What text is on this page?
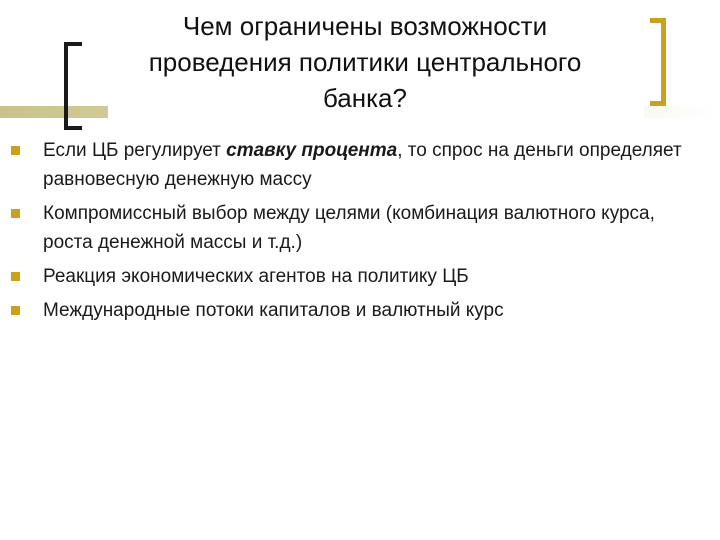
Чем ограничены возможности
проведения политики центрального
банка?
Если ЦБ регулирует ставку процента, то спрос на деньги определяет равновесную денежную массу
Компромиссный выбор между целями (комбинация валютного курса, роста денежной массы и т.д.)
Реакция экономических агентов на политику ЦБ
Международные потоки капиталов и валютный курс
